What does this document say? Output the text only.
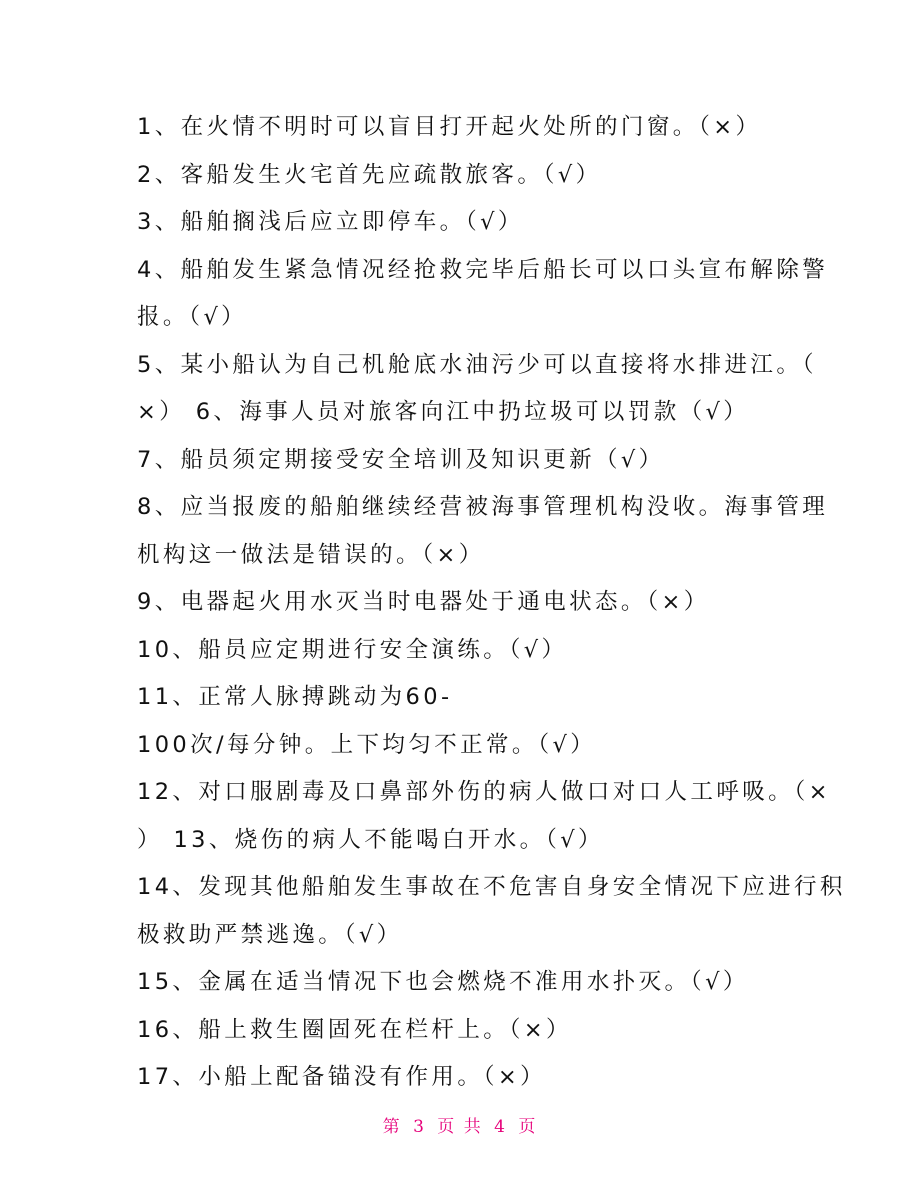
1、在火情不明时可以盲目打开起火处所的门窗。（×）
2、客船发生火宅首先应疏散旅客。（√）
3、船舶搁浅后应立即停车。（√）
4、船舶发生紧急情况经抢救完毕后船长可以口头宣布解除警
报。（√）
5、某小船认为自己机舱底水油污少可以直接将水排进江。（
×） 6、海事人员对旅客向江中扔垃圾可以罚款（√）
7、船员须定期接受安全培训及知识更新（√）
8、应当报废的船舶继续经营被海事管理机构没收。海事管理
机构这一做法是错误的。（×）
9、电器起火用水灭当时电器处于通电状态。（×）
10、船员应定期进行安全演练。（√）
11、正常人脉搏跳动为60-
100次/每分钟。上下均匀不正常。（√）
12、对口服剧毒及口鼻部外伤的病人做口对口人工呼吸。（×
） 13、烧伤的病人不能喝白开水。（√）
14、发现其他船舶发生事故在不危害自身安全情况下应进行积
极救助严禁逃逸。（√）
15、金属在适当情况下也会燃烧不准用水扑灭。（√）
16、船上救生圈固死在栏杆上。（×）
17、小船上配备锚没有作用。（×）
第 3 页 共 4 页
